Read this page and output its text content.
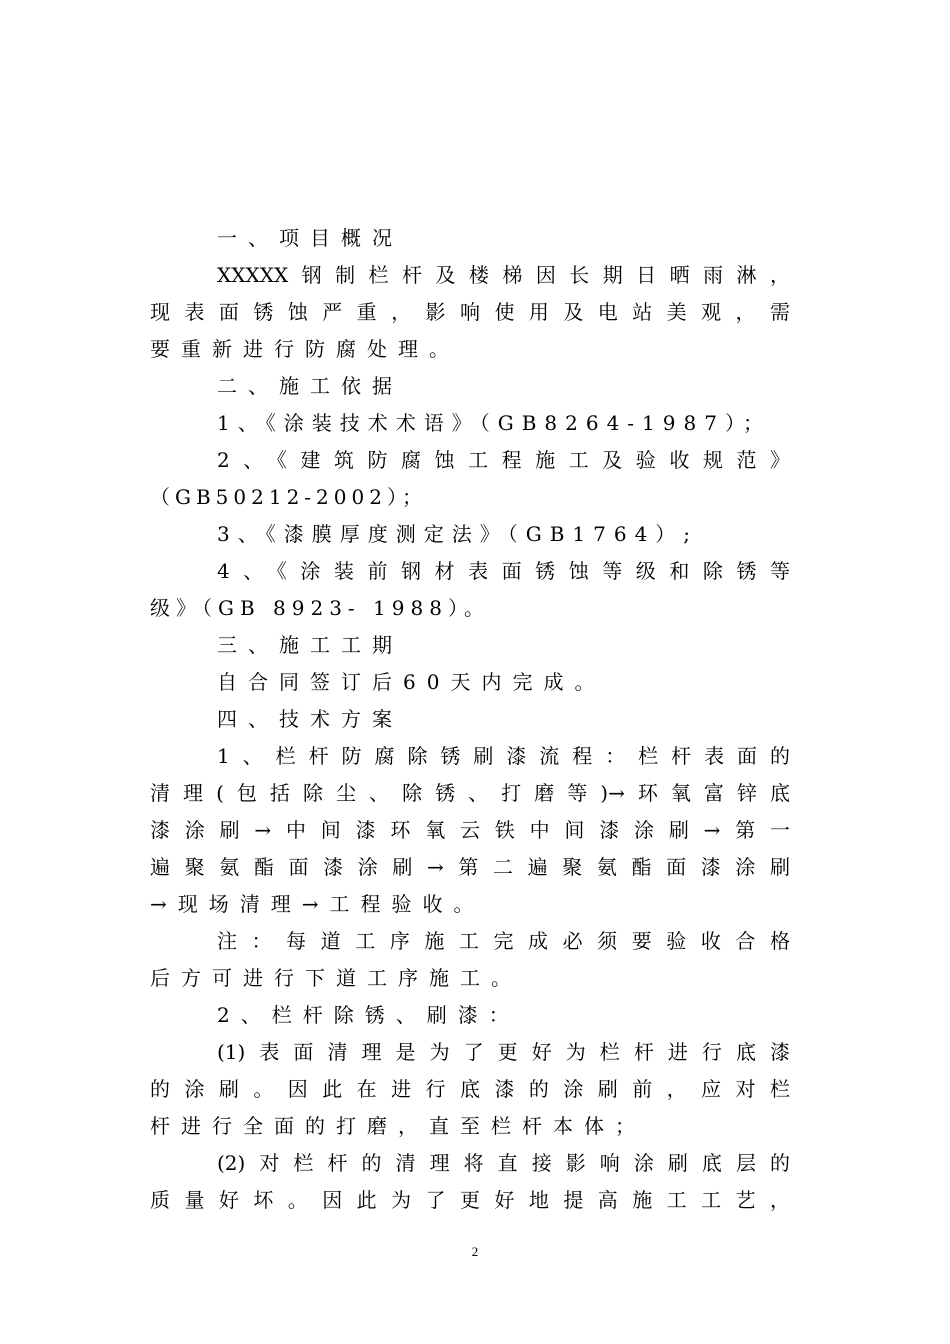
一、项目概况
XXXXX钢制栏杆及楼梯因长期日晒雨淋，
现表面锈蚀严重，影响使用及电站美观，需
要重新进行防腐处理。
二、施工依据
1、《涂装技术术语》（GB8264-1987）；
2、《建筑防腐蚀工程施工及验收规范》
（GB50212-2002）；
3、《漆膜厚度测定法》（GB1764）;
4、《涂装前钢材表面锈蚀等级和除锈等
级》（GB 8923- 1988）。
三、施工工期
自合同签订后60天内完成。
四、技术方案
1、栏杆防腐除锈刷漆流程：栏杆表面的
清理(包括除尘、除锈、打磨等)→环氧富锌底
漆涂刷→中间漆环氧云铁中间漆涂刷→第一
遍聚氨酯面漆涂刷→第二遍聚氨酯面漆涂刷
→现场清理→工程验收。
注：每道工序施工完成必须要验收合格
后方可进行下道工序施工。
2、栏杆除锈、刷漆：
(1)表面清理是为了更好为栏杆进行底漆
的涂刷。因此在进行底漆的涂刷前，应对栏
杆进行全面的打磨，直至栏杆本体；
(2)对栏杆的清理将直接影响涂刷底层的
质量好坏。因此为了更好地提高施工工艺，
2
